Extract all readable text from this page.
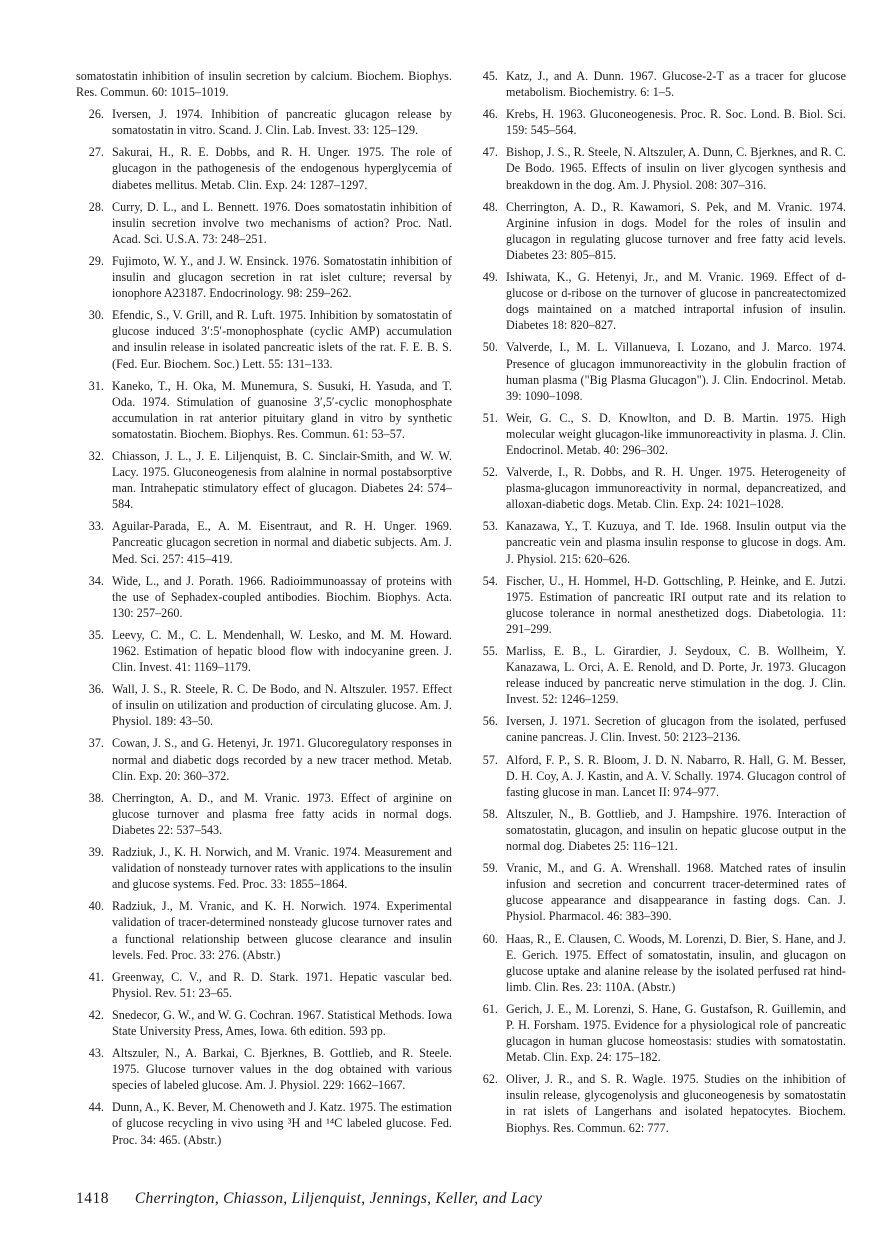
somatostatin inhibition of insulin secretion by calcium. Biochem. Biophys. Res. Commun. 60: 1015–1019.

26 . Iversen, J. 1974. Inhibition of pancreatic glucagon release by somatostatin in vitro. Scand. J. Clin. Lab. Invest. 33: 125–129.

27 . Sakurai, H., R. E. Dobbs, and R. H. Unger. 1975. The role of glucagon in the pathogenesis of the endogenous hyperglycemia of diabetes mellitus. Metab. Clin. Exp. 24: 1287–1297.

28 . Curry, D. L., and L. Bennett. 1976. Does somatostatin inhibition of insulin secretion involve two mechanisms of action? Proc. Natl. Acad. Sci. U.S.A. 73: 248–251.

29 . Fujimoto, W. Y., and J. W. Ensinck. 1976. Somatostatin inhibition of insulin and glucagon secretion in rat islet culture; reversal by ionophore A23187. Endocrinology. 98: 259–262.

30 . Efendic, S., V. Grill, and R. Luft. 1975. Inhibition by somatostatin of glucose induced 3′:5′-monophosphate (cyclic AMP) accumulation and insulin release in isolated pancreatic islets of the rat. F. E. B. S. (Fed. Eur. Biochem. Soc.) Lett. 55: 131–133.

31 . Kaneko, T., H. Oka, M. Munemura, S. Susuki, H. Yasuda, and T. Oda. 1974. Stimulation of guanosine 3′,5′-cyclic monophosphate accumulation in rat anterior pituitary gland in vitro by synthetic somatostatin. Biochem. Biophys. Res. Commun. 61: 53–57.

32 . Chiasson, J. L., J. E. Liljenquist, B. C. Sinclair-Smith, and W. W. Lacy. 1975. Gluconeogenesis from alalnine in normal postabsorptive man. Intrahepatic stimulatory effect of glucagon. Diabetes 24: 574–584.

33 . Aguilar-Parada, E., A. M. Eisentraut, and R. H. Unger. 1969. Pancreatic glucagon secretion in normal and diabetic subjects. Am. J. Med. Sci. 257: 415–419.

34 . Wide, L., and J. Porath. 1966. Radioimmunoassay of proteins with the use of Sephadex-coupled antibodies. Biochim. Biophys. Acta. 130: 257–260.

35 . Leevy, C. M., C. L. Mendenhall, W. Lesko, and M. M. Howard. 1962. Estimation of hepatic blood flow with indocyanine green. J. Clin. Invest. 41: 1169–1179.

36 . Wall, J. S., R. Steele, R. C. De Bodo, and N. Altszuler. 1957. Effect of insulin on utilization and production of circulating glucose. Am. J. Physiol. 189: 43–50.

37 . Cowan, J. S., and G. Hetenyi, Jr. 1971. Glucoregulatory responses in normal and diabetic dogs recorded by a new tracer method. Metab. Clin. Exp. 20: 360–372.

38 . Cherrington, A. D., and M. Vranic. 1973. Effect of arginine on glucose turnover and plasma free fatty acids in normal dogs. Diabetes 22: 537–543.

39 . Radziuk, J., K. H. Norwich, and M. Vranic. 1974. Measurement and validation of nonsteady turnover rates with applications to the insulin and glucose systems. Fed. Proc. 33: 1855–1864.

40 . Radziuk, J., M. Vranic, and K. H. Norwich. 1974. Experimental validation of tracer-determined nonsteady glucose turnover rates and a functional relationship between glucose clearance and insulin levels. Fed. Proc. 33: 276. (Abstr.)

41 . Greenway, C. V., and R. D. Stark. 1971. Hepatic vascular bed. Physiol. Rev. 51: 23–65.

42 . Snedecor, G. W., and W. G. Cochran. 1967. Statistical Methods. Iowa State University Press, Ames, Iowa. 6th edition. 593 pp.

43 . Altszuler, N., A. Barkai, C. Bjerknes, B. Gottlieb, and R. Steele. 1975. Glucose turnover values in the dog obtained with various species of labeled glucose. Am. J. Physiol. 229: 1662–1667.

44 . Dunn, A., K. Bever, M. Chenoweth and J. Katz. 1975. The estimation of glucose recycling in vivo using ³H and ¹⁴C labeled glucose. Fed. Proc. 34: 465. (Abstr.)

45 . Katz, J., and A. Dunn. 1967. Glucose-2-T as a tracer for glucose metabolism. Biochemistry. 6: 1–5.

46 . Krebs, H. 1963. Gluconeogenesis. Proc. R. Soc. Lond. B. Biol. Sci. 159: 545–564.

47 . Bishop, J. S., R. Steele, N. Altszuler, A. Dunn, C. Bjerknes, and R. C. De Bodo. 1965. Effects of insulin on liver glycogen synthesis and breakdown in the dog. Am. J. Physiol. 208: 307–316.

48 . Cherrington, A. D., R. Kawamori, S. Pek, and M. Vranic. 1974. Arginine infusion in dogs. Model for the roles of insulin and glucagon in regulating glucose turnover and free fatty acid levels. Diabetes 23: 805–815.

49 . Ishiwata, K., G. Hetenyi, Jr., and M. Vranic. 1969. Effect of d-glucose or d-ribose on the turnover of glucose in pancreatectomized dogs maintained on a matched intraportal infusion of insulin. Diabetes 18: 820–827.

50 . Valverde, I., M. L. Villanueva, I. Lozano, and J. Marco. 1974. Presence of glucagon immunoreactivity in the globulin fraction of human plasma ("Big Plasma Glucagon"). J. Clin. Endocrinol. Metab. 39: 1090–1098.

51 . Weir, G. C., S. D. Knowlton, and D. B. Martin. 1975. High molecular weight glucagon-like immunoreactivity in plasma. J. Clin. Endocrinol. Metab. 40: 296–302.

52 . Valverde, I., R. Dobbs, and R. H. Unger. 1975. Heterogeneity of plasma-glucagon immunoreactivity in normal, depancreatized, and alloxan-diabetic dogs. Metab. Clin. Exp. 24: 1021–1028.

53 . Kanazawa, Y., T. Kuzuya, and T. Ide. 1968. Insulin output via the pancreatic vein and plasma insulin response to glucose in dogs. Am. J. Physiol. 215: 620–626.

54 . Fischer, U., H. Hommel, H-D. Gottschling, P. Heinke, and E. Jutzi. 1975. Estimation of pancreatic IRI output rate and its relation to glucose tolerance in normal anesthetized dogs. Diabetologia. 11: 291–299.

55 . Marliss, E. B., L. Girardier, J. Seydoux, C. B. Wollheim, Y. Kanazawa, L. Orci, A. E. Renold, and D. Porte, Jr. 1973. Glucagon release induced by pancreatic nerve stimulation in the dog. J. Clin. Invest. 52: 1246–1259.

56 . Iversen, J. 1971. Secretion of glucagon from the isolated, perfused canine pancreas. J. Clin. Invest. 50: 2123–2136.

57 . Alford, F. P., S. R. Bloom, J. D. N. Nabarro, R. Hall, G. M. Besser, D. H. Coy, A. J. Kastin, and A. V. Schally. 1974. Glucagon control of fasting glucose in man. Lancet II: 974–977.

58 . Altszuler, N., B. Gottlieb, and J. Hampshire. 1976. Interaction of somatostatin, glucagon, and insulin on hepatic glucose output in the normal dog. Diabetes 25: 116–121.

59 . Vranic, M., and G. A. Wrenshall. 1968. Matched rates of insulin infusion and secretion and concurrent tracer-determined rates of glucose appearance and disappearance in fasting dogs. Can. J. Physiol. Pharmacol. 46: 383–390.

60 . Haas, R., E. Clausen, C. Woods, M. Lorenzi, D. Bier, S. Hane, and J. E. Gerich. 1975. Effect of somatostatin, insulin, and glucagon on glucose uptake and alanine release by the isolated perfused rat hind-limb. Clin. Res. 23: 110A. (Abstr.)

61 . Gerich, J. E., M. Lorenzi, S. Hane, G. Gustafson, R. Guillemin, and P. H. Forsham. 1975. Evidence for a physiological role of pancreatic glucagon in human glucose homeostasis: studies with somatostatin. Metab. Clin. Exp. 24: 175–182.

62 . Oliver, J. R., and S. R. Wagle. 1975. Studies on the inhibition of insulin release, glycogenolysis and gluconeogenesis by somatostatin in rat islets of Langerhans and isolated hepatocytes. Biochem. Biophys. Res. Commun. 62: 777.

1418 Cherrington, Chiasson, Liljenquist, Jennings, Keller, and Lacy
